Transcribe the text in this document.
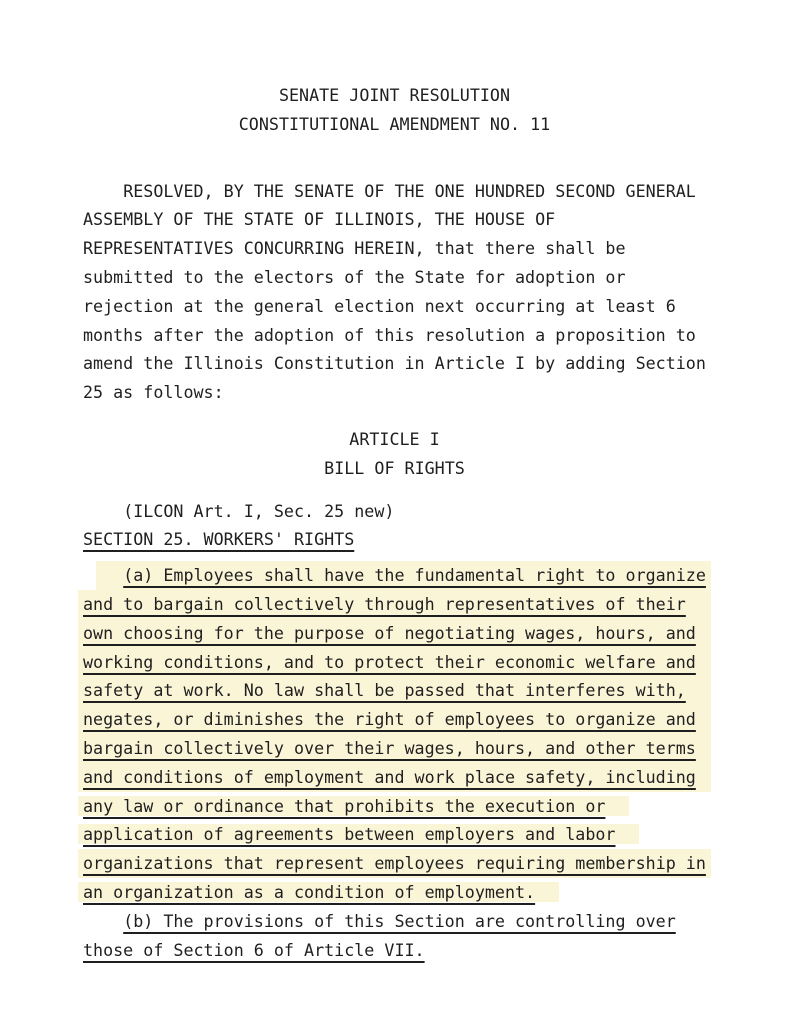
SENATE JOINT RESOLUTION
CONSTITUTIONAL AMENDMENT NO. 11
RESOLVED, BY THE SENATE OF THE ONE HUNDRED SECOND GENERAL
ASSEMBLY OF THE STATE OF ILLINOIS, THE HOUSE OF
REPRESENTATIVES CONCURRING HEREIN, that there shall be
submitted to the electors of the State for adoption or
rejection at the general election next occurring at least 6
months after the adoption of this resolution a proposition to
amend the Illinois Constitution in Article I by adding Section
25 as follows:
ARTICLE I
BILL OF RIGHTS
(ILCON Art. I, Sec. 25 new)
SECTION 25. WORKERS' RIGHTS
(a) Employees shall have the fundamental right to organize
and to bargain collectively through representatives of their
own choosing for the purpose of negotiating wages, hours, and
working conditions, and to protect their economic welfare and
safety at work. No law shall be passed that interferes with,
negates, or diminishes the right of employees to organize and
bargain collectively over their wages, hours, and other terms
and conditions of employment and work place safety, including
any law or ordinance that prohibits the execution or
application of agreements between employers and labor
organizations that represent employees requiring membership in
an organization as a condition of employment.
(b) The provisions of this Section are controlling over
those of Section 6 of Article VII.
